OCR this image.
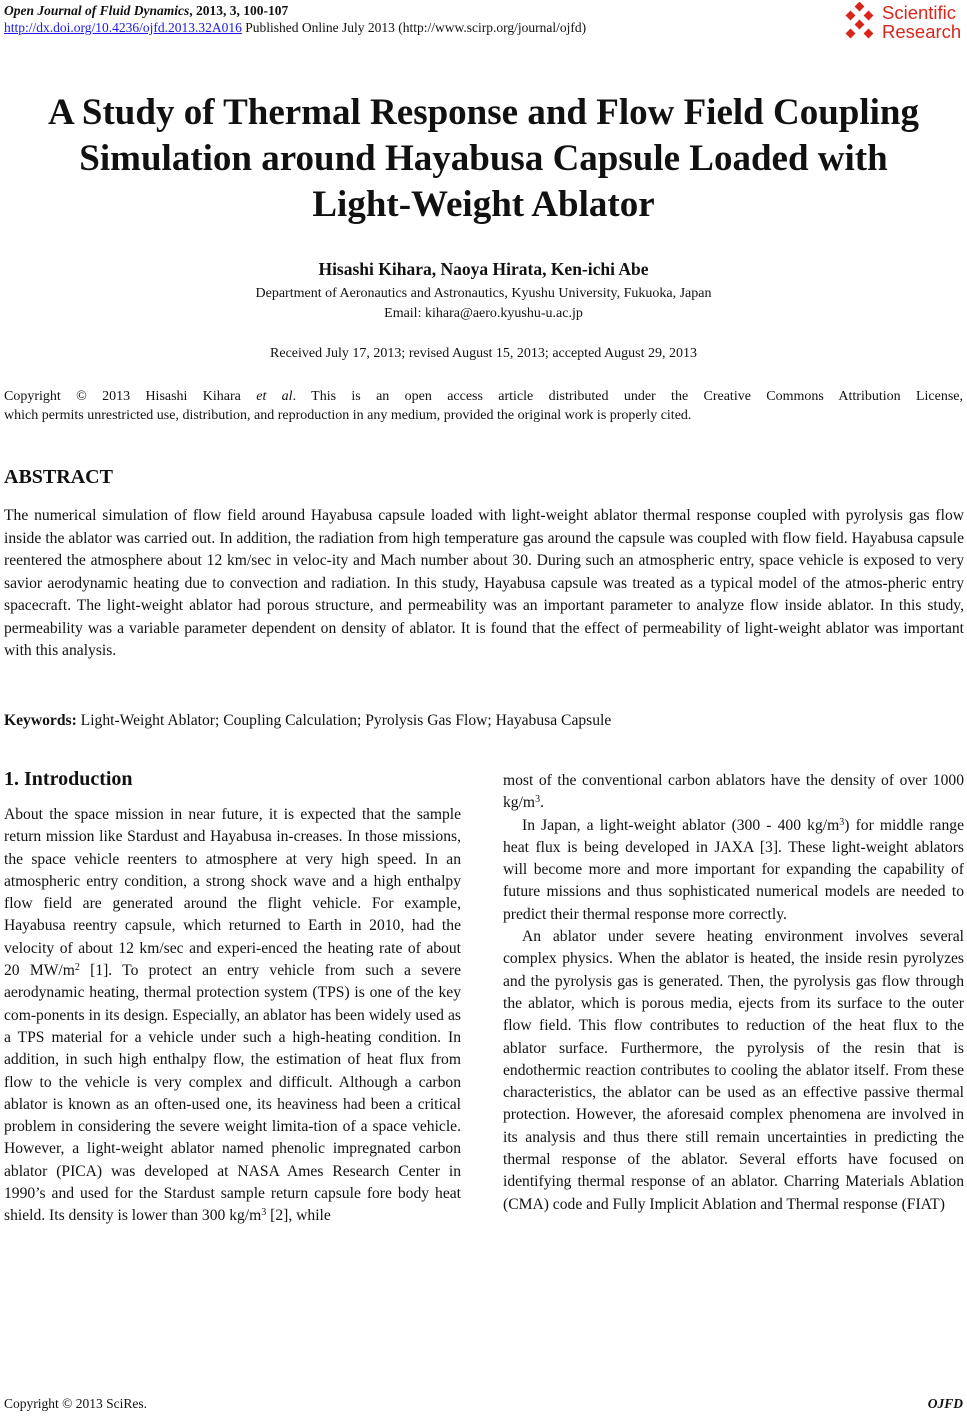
Open Journal of Fluid Dynamics, 2013, 3, 100-107
http://dx.doi.org/10.4236/ojfd.2013.32A016 Published Online July 2013 (http://www.scirp.org/journal/ojfd)
Scientific
Research
A Study of Thermal Response and Flow Field Coupling
Simulation around Hayabusa Capsule Loaded with
Light-Weight Ablator
Hisashi Kihara, Naoya Hirata, Ken-ichi Abe
Department of Aeronautics and Astronautics, Kyushu University, Fukuoka, Japan
Email: kihara@aero.kyushu-u.ac.jp
Received July 17, 2013; revised August 15, 2013; accepted August 29, 2013
Copyright © 2013 Hisashi Kihara et al. This is an open access article distributed under the Creative Commons Attribution License,
which permits unrestricted use, distribution, and reproduction in any medium, provided the original work is properly cited.
ABSTRACT
The numerical simulation of flow field around Hayabusa capsule loaded with light-weight ablator thermal response coupled with pyrolysis gas flow inside the ablator was carried out. In addition, the radiation from high temperature gas around the capsule was coupled with flow field. Hayabusa capsule reentered the atmosphere about 12 km/sec in veloc-ity and Mach number about 30. During such an atmospheric entry, space vehicle is exposed to very savior aerodynamic heating due to convection and radiation. In this study, Hayabusa capsule was treated as a typical model of the atmos-pheric entry spacecraft. The light-weight ablator had porous structure, and permeability was an important parameter to analyze flow inside ablator. In this study, permeability was a variable parameter dependent on density of ablator. It is found that the effect of permeability of light-weight ablator was important with this analysis.
Keywords: Light-Weight Ablator; Coupling Calculation; Pyrolysis Gas Flow; Hayabusa Capsule
1. Introduction

About the space mission in near future, it is expected that the sample return mission like Stardust and Hayabusa in-creases. In those missions, the space vehicle reenters to atmosphere at very high speed. In an atmospheric entry condition, a strong shock wave and a high enthalpy flow field are generated around the flight vehicle. For example, Hayabusa reentry capsule, which returned to Earth in 2010, had the velocity of about 12 km/sec and experi-enced the heating rate of about 20 $MW/m^2$ [1]. To protect an entry vehicle from such a severe aerodynamic heating, thermal protection system (TPS) is one of the key com-ponents in its design. Especially, an ablator has been widely used as a TPS material for a vehicle under such a high-heating condition. In addition, in such high enthalpy flow, the estimation of heat flux from flow to the vehicle is very complex and difficult. Although a carbon ablator is known as an often-used one, its heaviness had been a critical problem in considering the severe weight limita-tion of a space vehicle. However, a light-weight ablator named phenolic impregnated carbon ablator (PICA) was developed at NASA Ames Research Center in 1990’s and used for the Stardust sample return capsule fore body heat shield. Its density is lower than 300 $kg/m^3$ [2], while

most of the conventional carbon ablators have the density of over 1000 $kg/m^3$.

In Japan, a light-weight ablator (300 - 400 $kg/m^3$) for middle range heat flux is being developed in JAXA [3]. These light-weight ablators will become more and more important for expanding the capability of future missions and thus sophisticated numerical models are needed to predict their thermal response more correctly.

An ablator under severe heating environment involves several complex physics. When the ablator is heated, the inside resin pyrolyzes and the pyrolysis gas is generated. Then, the pyrolysis gas flow through the ablator, which is porous media, ejects from its surface to the outer flow field. This flow contributes to reduction of the heat flux to the ablator surface. Furthermore, the pyrolysis of the resin that is endothermic reaction contributes to cooling the ablator itself. From these characteristics, the ablator can be used as an effective passive thermal protection. However, the aforesaid complex phenomena are involved in its analysis and thus there still remain uncertainties in predicting the thermal response of the ablator. Several efforts have focused on identifying thermal response of an ablator. Charring Materials Ablation (CMA) code and Fully Implicit Ablation and Thermal response (FIAT)

Copyright © 2013 SciRes.	OJFD
